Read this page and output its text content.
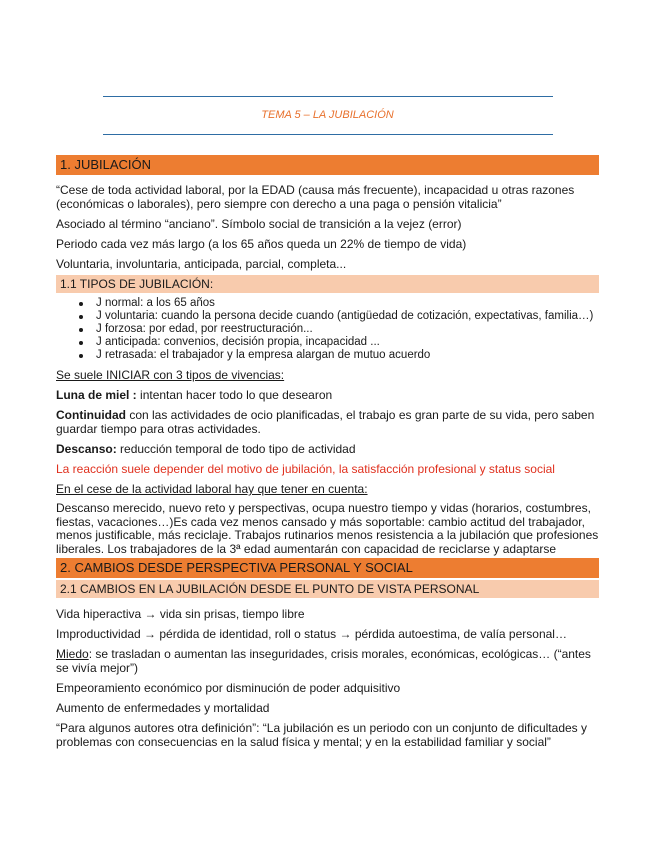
TEMA 5 – LA JUBILACIÓN
1. JUBILACIÓN

“Cese de toda actividad laboral, por la EDAD (causa más frecuente), incapacidad u otras razones (económicas o laborales), pero siempre con derecho a una paga o pensión vitalicia”

Asociado al término “anciano”. Símbolo social de transición a la vejez (error)

Periodo cada vez más largo (a los 65 años queda un 22% de tiempo de vida)

Voluntaria, involuntaria, anticipada, parcial, completa...

1.1 TIPOS DE JUBILACIÓN:
J normal: a los 65 años
J voluntaria: cuando la persona decide cuando (antigüedad de cotización, expectativas, familia…)
J forzosa: por edad, por reestructuración...
J anticipada: convenios, decisión propia, incapacidad ...
J retrasada: el trabajador y la empresa alargan de mutuo acuerdo

Se suele INICIAR con 3 tipos de vivencias:

Luna de miel : intentan hacer todo lo que desearon

Continuidad con las actividades de ocio planificadas, el trabajo es gran parte de su vida, pero saben guardar tiempo para otras actividades.

Descanso: reducción temporal de todo tipo de actividad

La reacción suele depender del motivo de jubilación, la satisfacción profesional y status social

En el cese de la actividad laboral hay que tener en cuenta:

Descanso merecido, nuevo reto y perspectivas, ocupa nuestro tiempo y vidas (horarios, costumbres, fiestas, vacaciones…)Es cada vez menos cansado y más soportable: cambio actitud del trabajador, menos justificable, más reciclaje. Trabajos rutinarios menos resistencia a la jubilación que profesiones liberales. Los trabajadores de la 3ª edad aumentarán con capacidad de reciclarse y adaptarse

2. CAMBIOS DESDE PERSPECTIVA PERSONAL Y SOCIAL
2.1 CAMBIOS EN LA JUBILACIÓN DESDE EL PUNTO DE VISTA PERSONAL

Vida hiperactiva → vida sin prisas, tiempo libre

Improductividad → pérdida de identidad, roll o status → pérdida autoestima, de valía personal…

Miedo: se trasladan o aumentan las inseguridades, crisis morales, económicas, ecológicas… (“antes se vivía mejor”)

Empeoramiento económico por disminución de poder adquisitivo

Aumento de enfermedades y mortalidad

“Para algunos autores otra definición”: “La jubilación es un periodo con un conjunto de dificultades y problemas con consecuencias en la salud física y mental; y en la estabilidad familiar y social”
